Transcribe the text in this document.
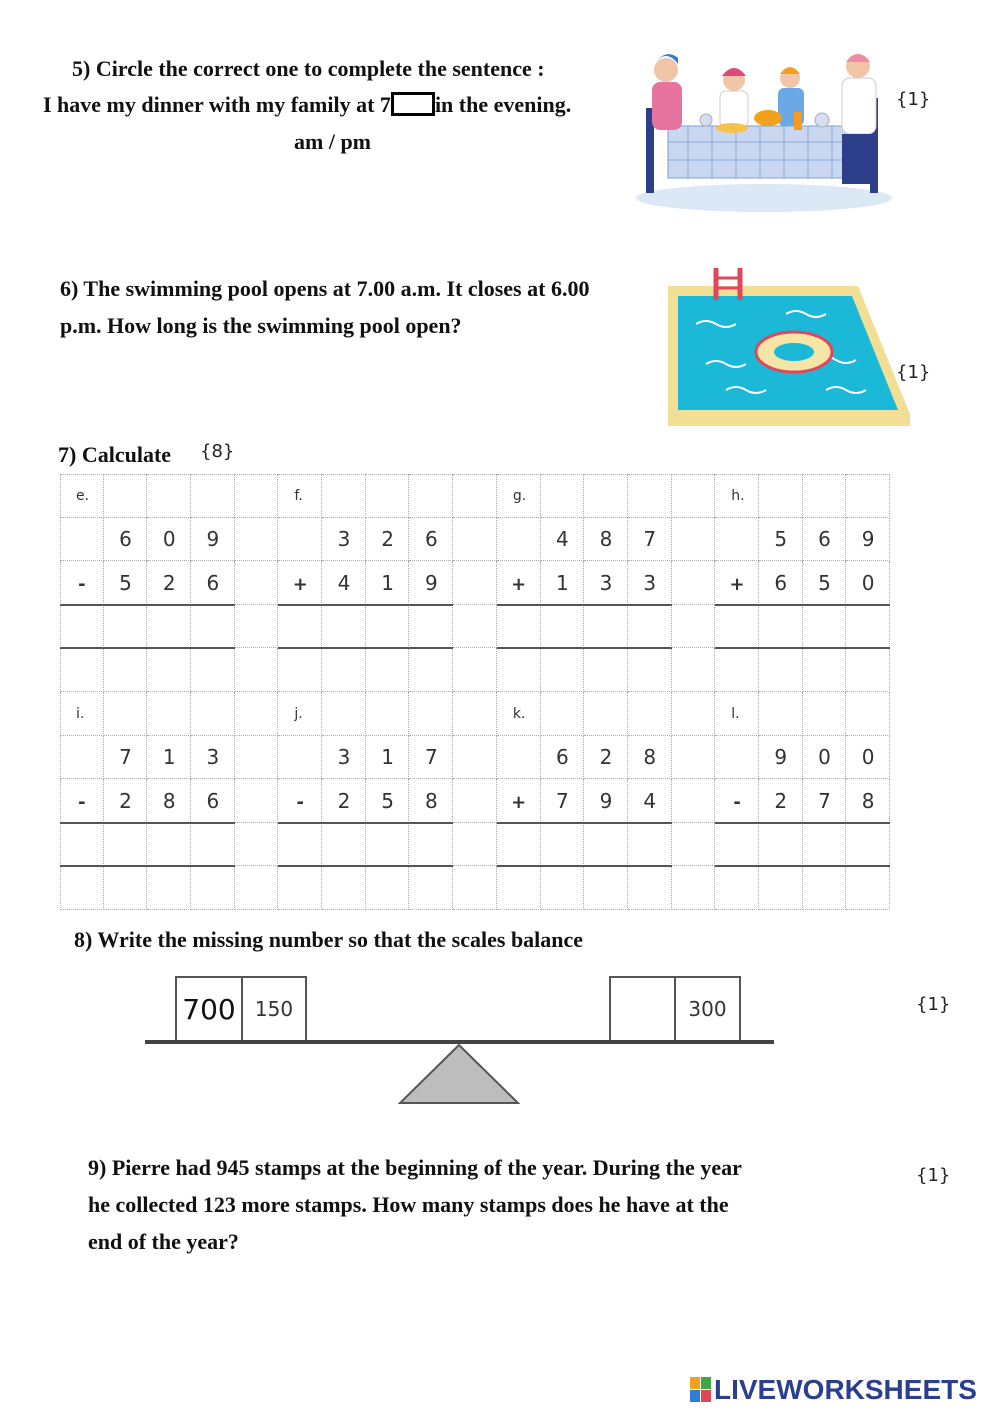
5) Circle the correct one to complete the sentence :
I have my dinner with my family at 7 in the evening.
am / pm
{1}
6) The swimming pool opens at 7.00 a.m. It closes at 6.00
p.m. How long is the swimming pool open?
{1}
7) Calculate {8}
e.
6	0	9
-	5	2	6
f.
3	2	6
+	4	1	9
g.
4	8	7
+	1	3	3
h.
5	6	9
+	6	5	0
i.
7	1	3
-	2	8	6
j.
3	1	7
-	2	5	8
k.
6	2	8
+	7	9	4
l.
9	0	0
-	2	7	8
8) Write the missing number so that the scales balance
{1}
700 150	300
9) Pierre had 945 stamps at the beginning of the year. During the year
he collected 123 more stamps. How many stamps does he have at the
end of the year?
{1}
LIVEWORKSHEETS
